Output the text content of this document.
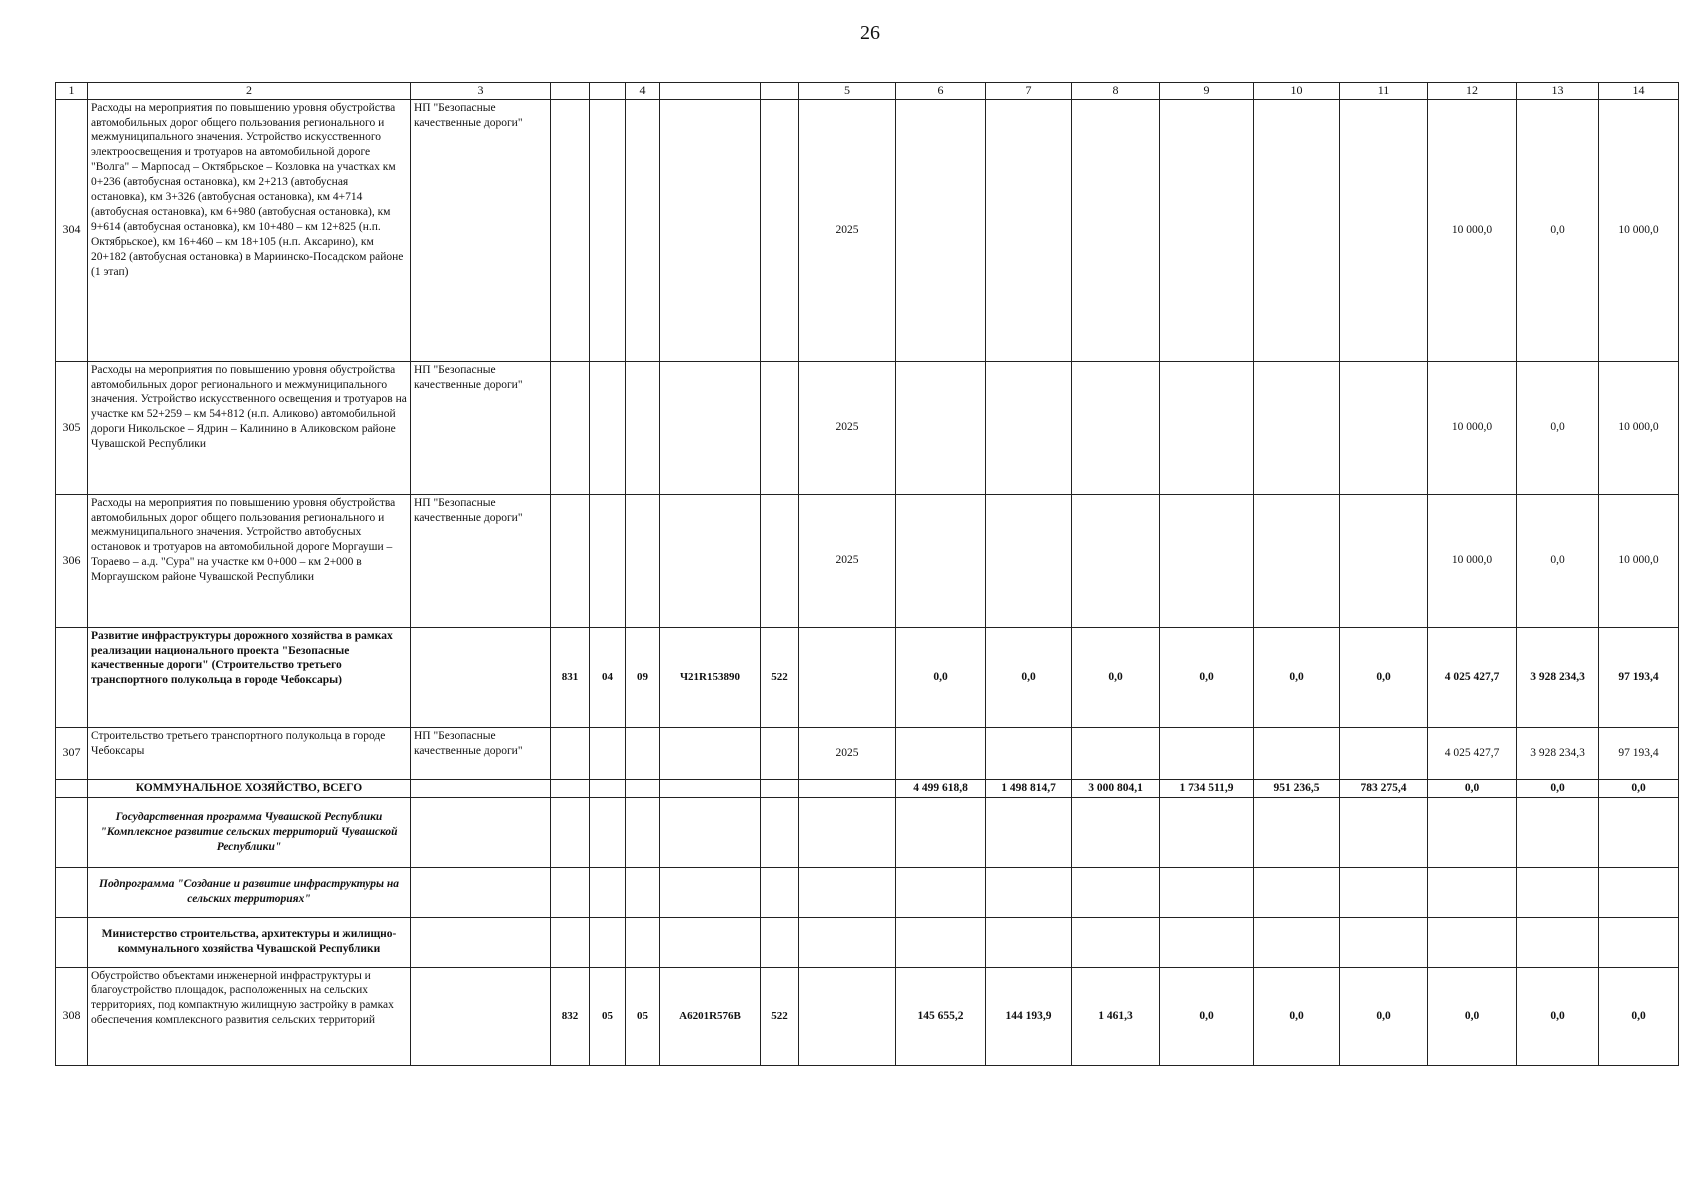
26
1	2	3			4			5	6	7	8	9	10	11	12	13	14
304	Расходы на мероприятия по повышению уровня обустройства автомобильных дорог общего пользования регионального и межмуниципального значения. Устройство искусственного электроосвещения и тротуаров на автомобильной дороге "Волга" – Марпосад – Октябрьское – Козловка на участках км 0+236 (автобусная остановка), км 2+213 (автобусная остановка), км 3+326 (автобусная остановка), км 4+714 (автобусная остановка), км 6+980 (автобусная остановка), км 9+614 (автобусная остановка), км 10+480 – км 12+825 (н.п. Октябрьское), км 16+460 – км 18+105 (н.п. Аксарино), км 20+182 (автобусная остановка) в Мариинско-Посадском районе (1 этап)	НП "Безопасные качественные дороги"						2025							10 000,0	0,0	10 000,0
305	Расходы на мероприятия по повышению уровня обустройства автомобильных дорог регионального и межмуниципального значения. Устройство искусственного освещения и тротуаров на участке км 52+259 – км 54+812 (н.п. Аликово) автомобильной дороги Никольское – Ядрин – Калинино в Аликовском районе Чувашской Республики	НП "Безопасные качественные дороги"						2025							10 000,0	0,0	10 000,0
306	Расходы на мероприятия по повышению уровня обустройства автомобильных дорог общего пользования регионального и межмуниципального значения. Устройство автобусных остановок и тротуаров на автомобильной дороге Моргауши – Тораево – а.д. "Сура" на участке км 0+000 – км 2+000 в Моргаушском районе Чувашской Республики	НП "Безопасные качественные дороги"						2025							10 000,0	0,0	10 000,0
	Развитие инфраструктуры дорожного хозяйства в рамках реализации национального проекта "Безопасные качественные дороги" (Строительство третьего транспортного полукольца в городе Чебоксары)		831	04	09	Ч21R153890	522		0,0	0,0	0,0	0,0	0,0	0,0	4 025 427,7	3 928 234,3	97 193,4
307	Строительство третьего транспортного полукольца в городе Чебоксары	НП "Безопасные качественные дороги"						2025							4 025 427,7	3 928 234,3	97 193,4
	КОММУНАЛЬНОЕ ХОЗЯЙСТВО, ВСЕГО								4 499 618,8	1 498 814,7	3 000 804,1	1 734 511,9	951 236,5	783 275,4	0,0	0,0	0,0
	Государственная программа Чувашской Республики "Комплексное развитие сельских территорий Чувашской Республики"																
	Подпрограмма "Создание и развитие инфраструктуры на сельских территориях"																
	Министерство строительства, архитектуры и жилищно-коммунального хозяйства Чувашской Республики																
308	Обустройство объектами инженерной инфраструктуры и благоустройство площадок, расположенных на сельских территориях, под компактную жилищную застройку в рамках обеспечения комплексного развития сельских территорий		832	05	05	А6201R576В	522		145 655,2	144 193,9	1 461,3	0,0	0,0	0,0	0,0	0,0	0,0
